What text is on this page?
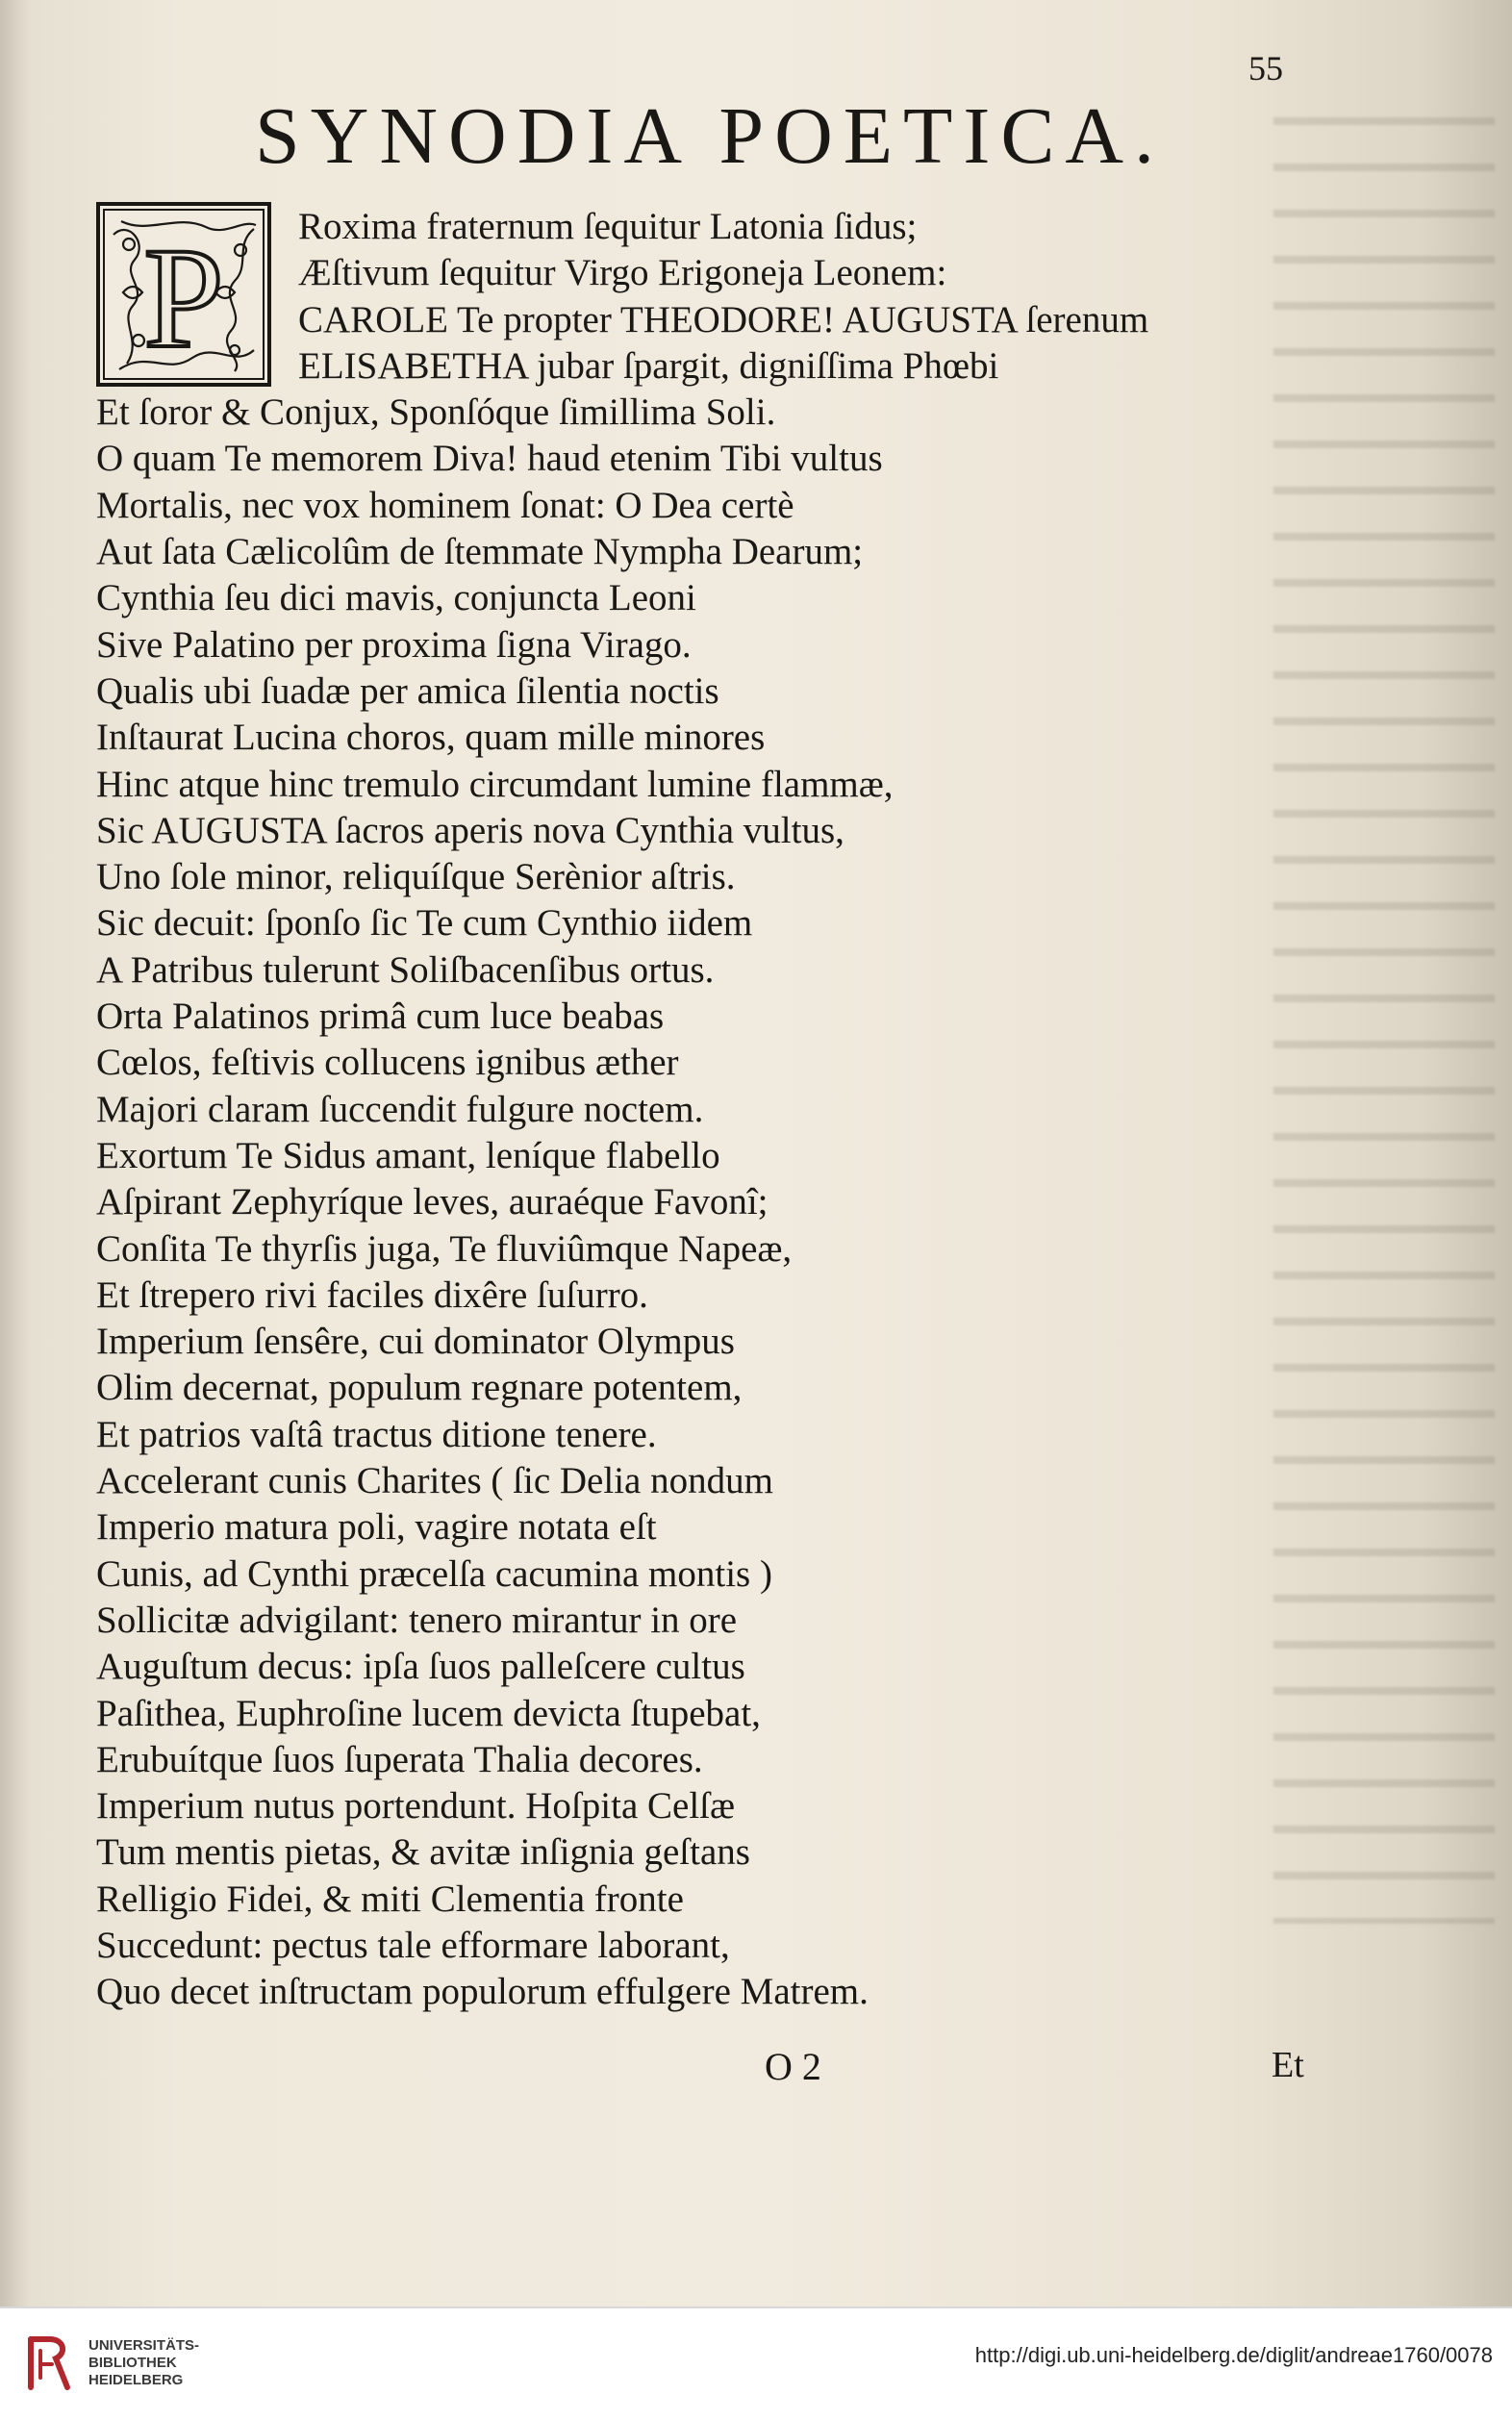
55
SYNODIA POETICA.
P	Roxima fraternum ſequitur Latonia ſidus;
Æſtivum ſequitur Virgo Erigoneja Leonem:
CAROLE Te propter THEODORE! AUGUSTA ſerenum
ELISABETHA jubar ſpargit, digniſſima Phœbi
Et ſoror & Conjux, Sponſóque ſimillima Soli.
O quam Te memorem Diva! haud etenim Tibi vultus
Mortalis, nec vox hominem ſonat: O Dea certè
Aut ſata Cælicolûm de ſtemmate Nympha Dearum;
Cynthia ſeu dici mavis, conjuncta Leoni
Sive Palatino per proxima ſigna Virago.
Qualis ubi ſuadæ per amica ſilentia noctis
Inſtaurat Lucina choros, quam mille minores
Hinc atque hinc tremulo circumdant lumine flammæ,
Sic AUGUSTA ſacros aperis nova Cynthia vultus,
Uno ſole minor, reliquíſque Serènior aſtris.
Sic decuit: ſponſo ſic Te cum Cynthio iidem
A Patribus tulerunt Soliſbacenſibus ortus.
Orta Palatinos primâ cum luce beabas
Cœlos, feſtivis collucens ignibus æther
Majori claram ſuccendit fulgure noctem.
Exortum Te Sidus amant, leníque flabello
Aſpirant Zephyríque leves, auraéque Favonî;
Conſita Te thyrſis juga, Te fluviûmque Napeæ,
Et ſtrepero rivi faciles dixêre ſuſurro.
Imperium ſensêre, cui dominator Olympus
Olim decernat, populum regnare potentem,
Et patrios vaſtâ tractus ditione tenere.
Accelerant cunis Charites ( ſic Delia nondum
Imperio matura poli, vagire notata eſt
Cunis, ad Cynthi præcelſa cacumina montis )
Sollicitæ advigilant: tenero mirantur in ore
Auguſtum decus: ipſa ſuos palleſcere cultus
Paſithea, Euphroſine lucem devicta ſtupebat,
Erubuítque ſuos ſuperata Thalia decores.
Imperium nutus portendunt. Hoſpita Celſæ
Tum mentis pietas, & avitæ inſignia geſtans
Relligio Fidei, & miti Clementia fronte
Succedunt: pectus tale efformare laborant,
Quo decet inſtructam populorum effulgere Matrem.
O 2	Et
UNIVERSITÄTS-
BIBLIOTHEK
HEIDELBERG
http://digi.ub.uni-heidelberg.de/diglit/andreae1760/0078
